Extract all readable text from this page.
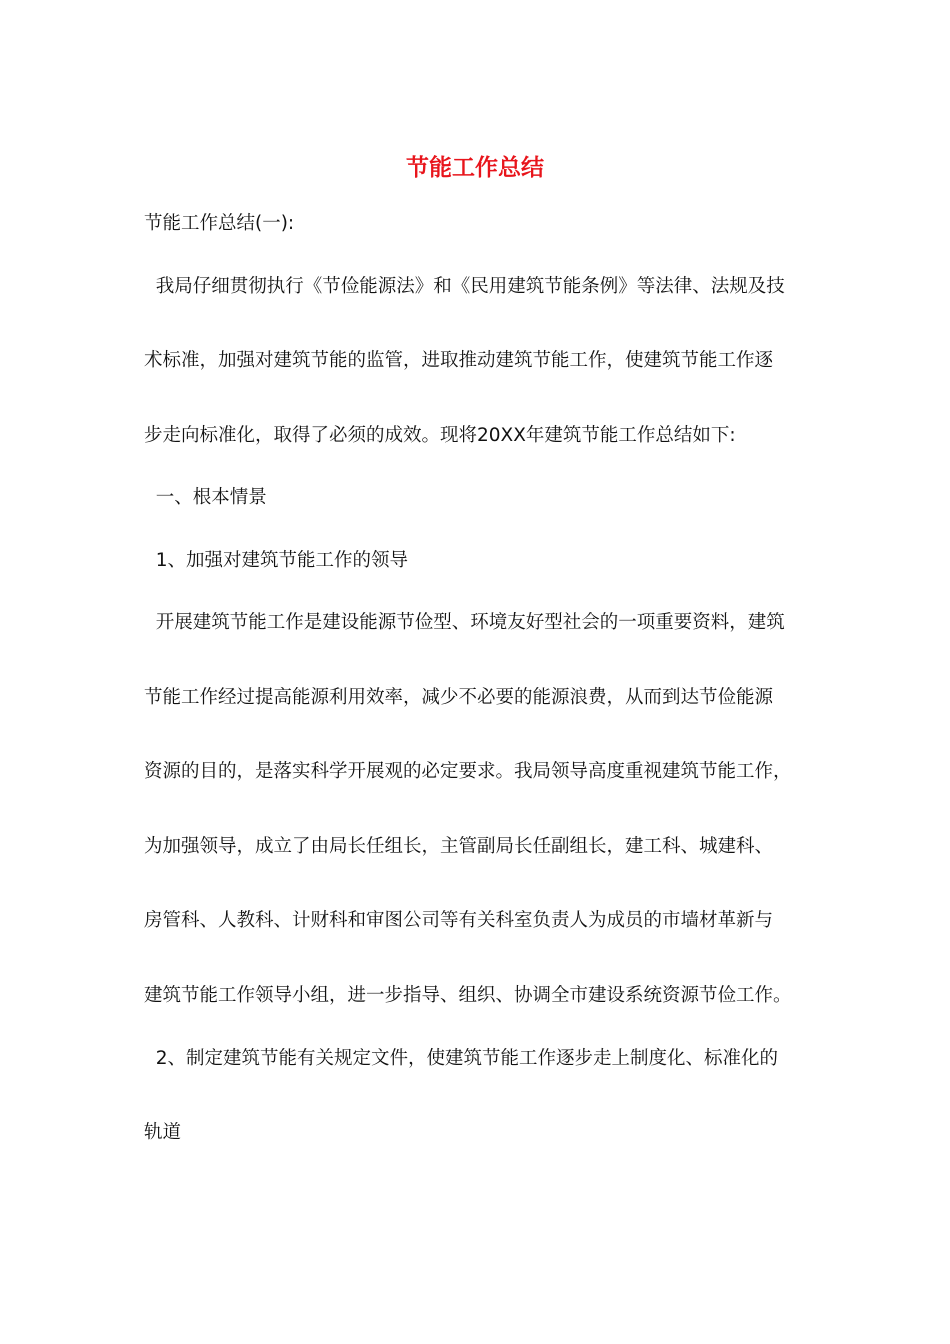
节能工作总结
节能工作总结(一):
我局仔细贯彻执行《节俭能源法》和《民用建筑节能条例》等法律、法规及技
术标准，加强对建筑节能的监管，进取推动建筑节能工作，使建筑节能工作逐
步走向标准化，取得了必须的成效。现将20XX年建筑节能工作总结如下:
一、根本情景
1、加强对建筑节能工作的领导
开展建筑节能工作是建设能源节俭型、环境友好型社会的一项重要资料，建筑
节能工作经过提高能源利用效率，减少不必要的能源浪费，从而到达节俭能源
资源的目的，是落实科学开展观的必定要求。我局领导高度重视建筑节能工作，
为加强领导，成立了由局长任组长，主管副局长任副组长，建工科、城建科、
房管科、人教科、计财科和审图公司等有关科室负责人为成员的市墙材革新与
建筑节能工作领导小组，进一步指导、组织、协调全市建设系统资源节俭工作。
2、制定建筑节能有关规定文件，使建筑节能工作逐步走上制度化、标准化的
轨道
